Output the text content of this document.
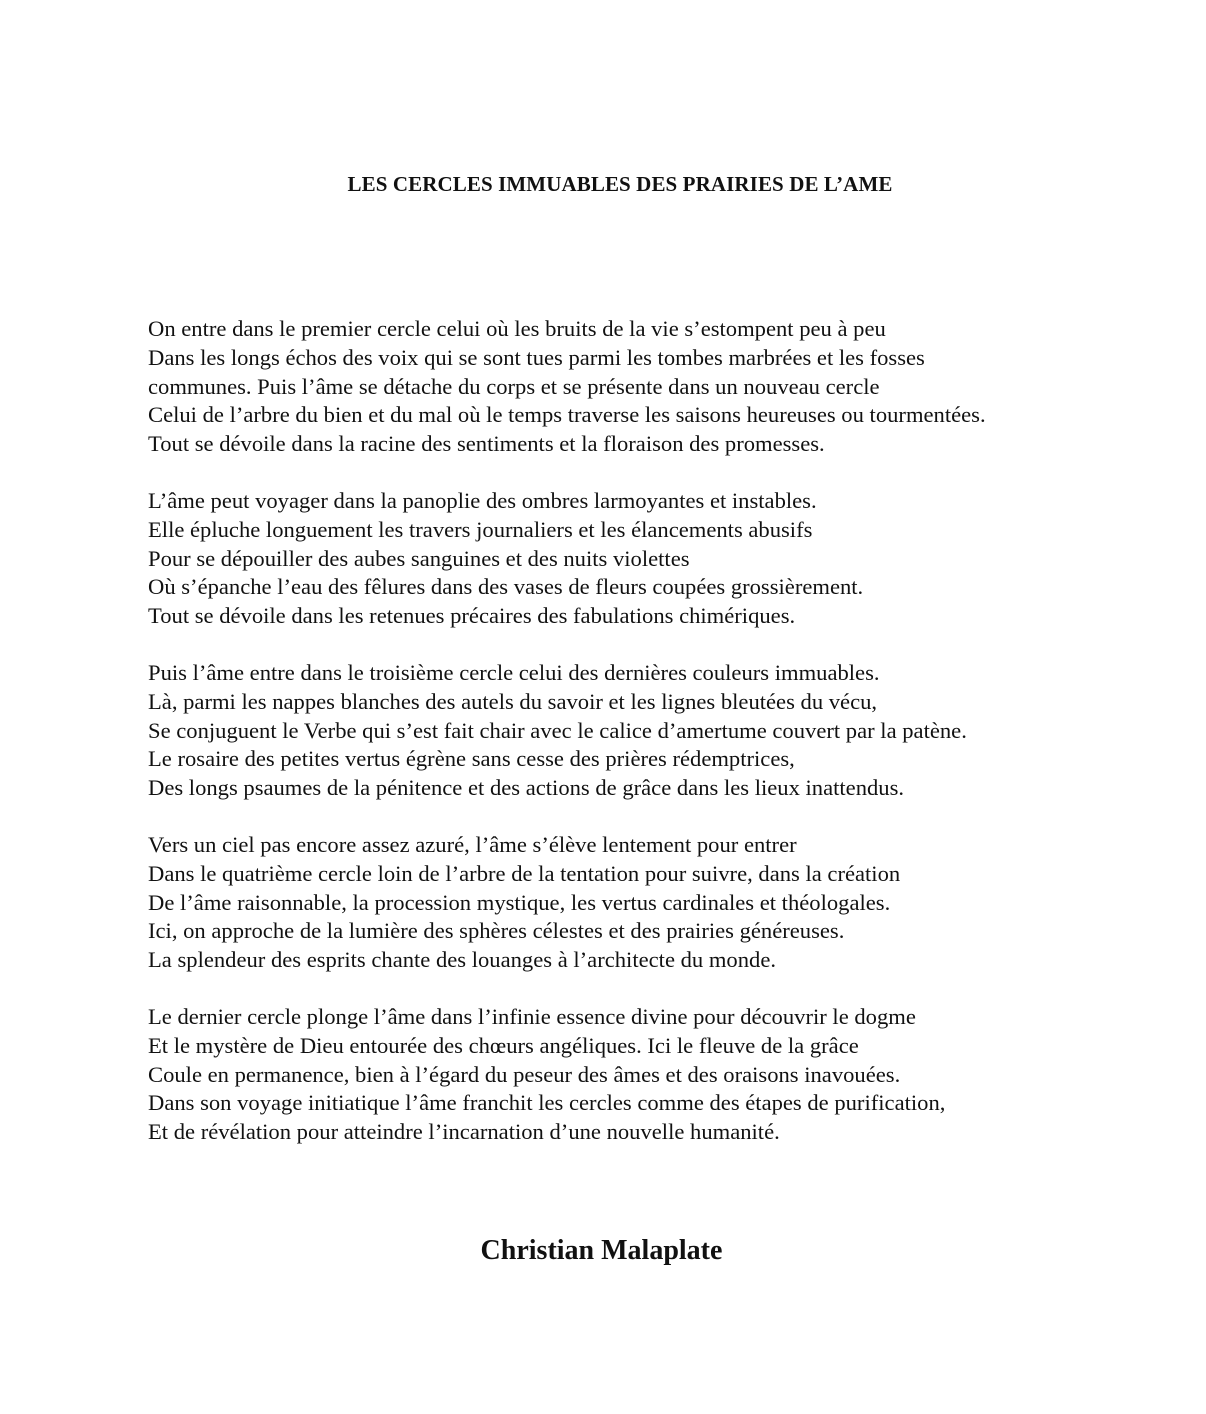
LES CERCLES IMMUABLES DES PRAIRIES DE L’AME
On entre dans le premier cercle celui où les bruits de la vie s’estompent peu à peu
Dans les longs échos des voix qui se sont tues parmi les tombes marbrées et les fosses
communes. Puis l’âme se détache du corps et se présente dans un nouveau cercle
Celui de l’arbre du bien et du mal où le temps traverse les saisons heureuses ou tourmentées.
Tout se dévoile dans la racine des sentiments et la floraison des promesses.
L’âme peut voyager dans la panoplie des ombres larmoyantes et instables.
Elle épluche longuement les travers journaliers et les élancements abusifs
Pour se dépouiller des aubes sanguines et des nuits violettes
Où s’épanche l’eau des fêlures dans des vases de fleurs coupées grossièrement.
Tout se dévoile dans les retenues précaires des fabulations chimériques.
Puis l’âme entre dans le troisième cercle celui des dernières couleurs immuables.
Là, parmi les nappes blanches des autels du savoir et les lignes bleutées du vécu,
Se conjuguent le Verbe qui s’est fait chair avec le calice d’amertume couvert par la patène.
Le rosaire des petites vertus égrène sans cesse des prières rédemptrices,
Des longs psaumes de la pénitence et des actions de grâce dans les lieux inattendus.
Vers un ciel pas encore assez azuré, l’âme s’élève lentement pour entrer
Dans le quatrième cercle loin de l’arbre de la tentation pour suivre, dans la création
De l’âme raisonnable, la procession mystique, les vertus cardinales et théologales.
Ici, on approche de la lumière des sphères célestes et des prairies généreuses.
La splendeur des esprits chante des louanges à l’architecte du monde.
Le dernier cercle plonge l’âme dans l’infinie essence divine pour découvrir le dogme
Et le mystère de Dieu entourée des chœurs angéliques. Ici le fleuve de la grâce
Coule en permanence, bien à l’égard du peseur des âmes et des oraisons inavouées.
Dans son voyage initiatique l’âme franchit les cercles comme des étapes de purification,
Et de révélation pour atteindre l’incarnation d’une nouvelle humanité.
Christian Malaplate
